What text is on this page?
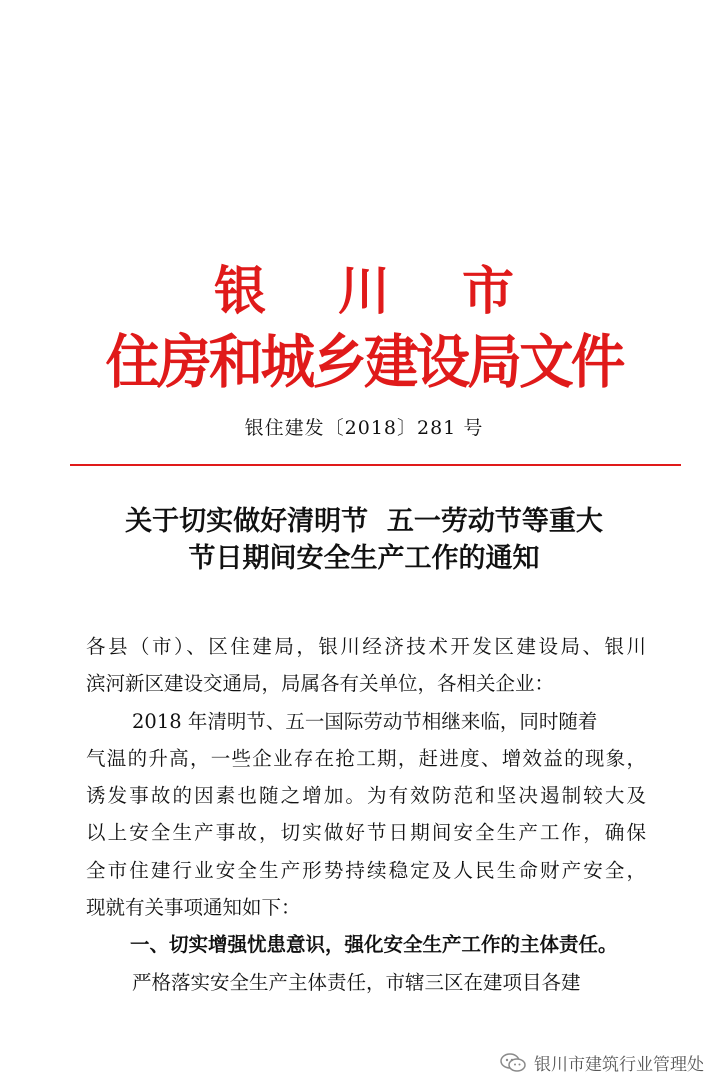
银 川 市
住房和城乡建设局文件
银住建发〔2018〕281 号
关于切实做好清明节  五一劳动节等重大
节日期间安全生产工作的通知
各县（市）、区住建局，银川经济技术开发区建设局、银川
滨河新区建设交通局，局属各有关单位，各相关企业：
2018 年清明节、五一国际劳动节相继来临，同时随着
气温的升高，一些企业存在抢工期，赶进度、增效益的现象，
诱发事故的因素也随之增加。为有效防范和坚决遏制较大及
以上安全生产事故，切实做好节日期间安全生产工作，确保
全市住建行业安全生产形势持续稳定及人民生命财产安全，
现就有关事项通知如下：
一、切实增强忧患意识，强化安全生产工作的主体责任。
严格落实安全生产主体责任，市辖三区在建项目各建
银川市建筑行业管理处
